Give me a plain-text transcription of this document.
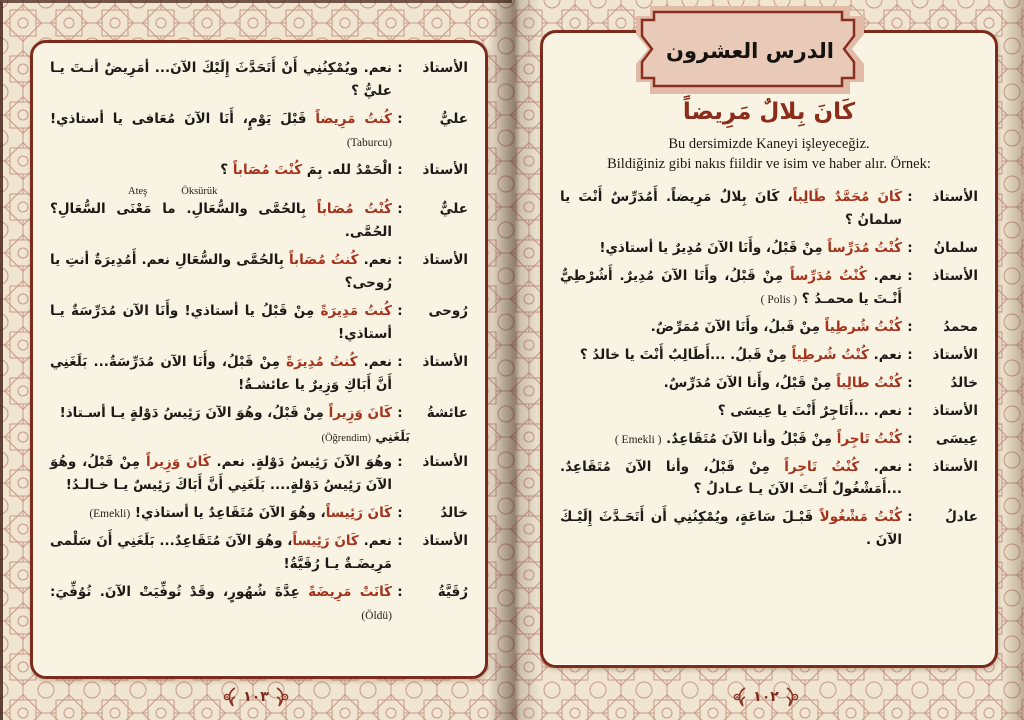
الأستاذ
:
نعم. ويُمْكِنُنِي أَنْ أَتَحَدَّثَ إِلَيْكَ الآنَ... أمَرِيضٌ أنـتَ يـا عليُّ ؟
عليُّ
:
كُنتُ مَرِيضاً قَبْلَ يَوْمٍ، أَنَا الآنَ مُعَافى يا أستاذي! (Taburcu)
الأستاذ
:
الْحَمْدُ لله. بِمَ كُنْتَ مُصَاباً ؟
Ateş	Öksürük
عليٌّ
:
كُنْتُ مُصَاباً بِالحُمَّى والسُّعَالِ. ما مَعْنَى السُّعَالِ؟ الحُمَّى.
الأستاذ
:
نعم. كُنتُ مُصَاباً بِالحُمَّى والسُّعَالِ نعم. أَمُدِيرَةٌ أنتِ يا رُوحى؟
رُوحى
:
كُنتُ مَدِيرَةً مِنْ قَبْلُ يا أستاذي! وأَنَا الآن مُدَرِّسَةٌ يـا أستاذي!
الأستاذ
:
نعم. كُنتُ مُدِيرَةً مِنْ قَبْلُ، وأَنَا الآن مُدَرِّسَةٌ... بَلَغَنِي أَنَّ أَبَاكِ وَزِيرٌ يا عائشـةُ!
عائشةُ
:
كَانَ وَزِيراً مِنْ قَبْلُ، وهُوَ الآنَ رَئِيسُ دَوْلةٍ يـا أسـتاذ!
بَلَغَنِي (Öğrendim)
الأستاذ
:
وهُوَ الآنَ رَئِيسُ دَوْلةٍ. نعم. كَانَ وَزِيراً مِنْ قَبْلُ، وهُوَ الآنَ رَئِيسُ دَوْلةٍ.... بَلَغَنِي أَنَّ أَبَاكَ رَئِيسٌ يـا خـالـدُ!
خالدُ
:
كَانَ رَئِيساً، وهُوَ الآنَ مُتَقَاعِدٌ يا أستاذي! (Emekli)
الأستاذ
:
نعم. كَانَ رَئِيساً، وهُوَ الآنَ مُتَقَاعِدٌ... بَلَغَنِي أَنَ سَلْمى مَرِيضَـةٌ يـا رُقَيَّةُ!
رُقَيَّةُ
:
كَانَتْ مَرِيضَةً عِدَّةَ شُهُورٍ، وقَدْ تُوفِّيَتْ الآنَ. تُوُفِّيَ: (Öldü)
كَانَ بِلالٌ مَرِيضاً
Bu dersimizde Kaneyi işleyeceğiz.
Bildiğiniz gibi nakıs fiildir ve isim ve haber alır. Örnek:
الأستاذ
:
كَانَ مُحَمَّدٌ طَالِباً، كَانَ بِلالٌ مَرِيضاً. أَمُدَرِّسٌ أَنْتَ يا سلمانُ ؟
سلمانُ
:
كُنْتُ مُدَرِّساً مِنْ قَبْلُ، وأَنَا الآنَ مُدِيرٌ يا أستاذي!
الأستاذ
:
نعم. كُنْتُ مُدَرِّساً مِنْ قَبْلُ، وأَنَا الآنَ مُدِيرٌ. أَشُرْطِيٌّ أَنْـتَ يا محمـدُ ؟ ( Polis )
محمدُ
:
كُنْتُ شُرطِياً مِنْ قَبلُ، وأَنَا الآنَ مُمَرِّضٌ.
الأستاذ
:
نعم. كُنْتُ شُرطِياً مِنْ قَبلُ. ...أَطَالِبٌ أَنْتَ يا خالدُ ؟
خالدُ
:
كُنْتُ طالِباً مِنْ قَبْلُ، وأَنا الآنَ مُدَرِّسٌ.
الأستاذ
:
نعم. ...أَتَاجِرٌ أَنْتَ يا عِيسَى ؟
عِيسَى
:
كُنْتُ تَاجِراً مِنْ قَبْلُ وأنا الآنَ مُتَقَاعِدٌ. ( Emekli )
الأستاذ
:
نعم. كُنْتُ تَاجِراً مِنْ قَبْلُ، وأنا الآنَ مُتَقَاعِدٌ. ...أَمَشْغُولٌ أَنْـتَ الآنَ يـا عـادلُ ؟
عادلُ
:
كُنْتُ مَشْغُولاً قَبْـلَ سَاعَةٍ، ويُمْكِنُنِي أَن أَتَحَـدَّثَ إِلَيْـكَ الآنَ .
الدرس العشرون
١٠٣	١٠٢
